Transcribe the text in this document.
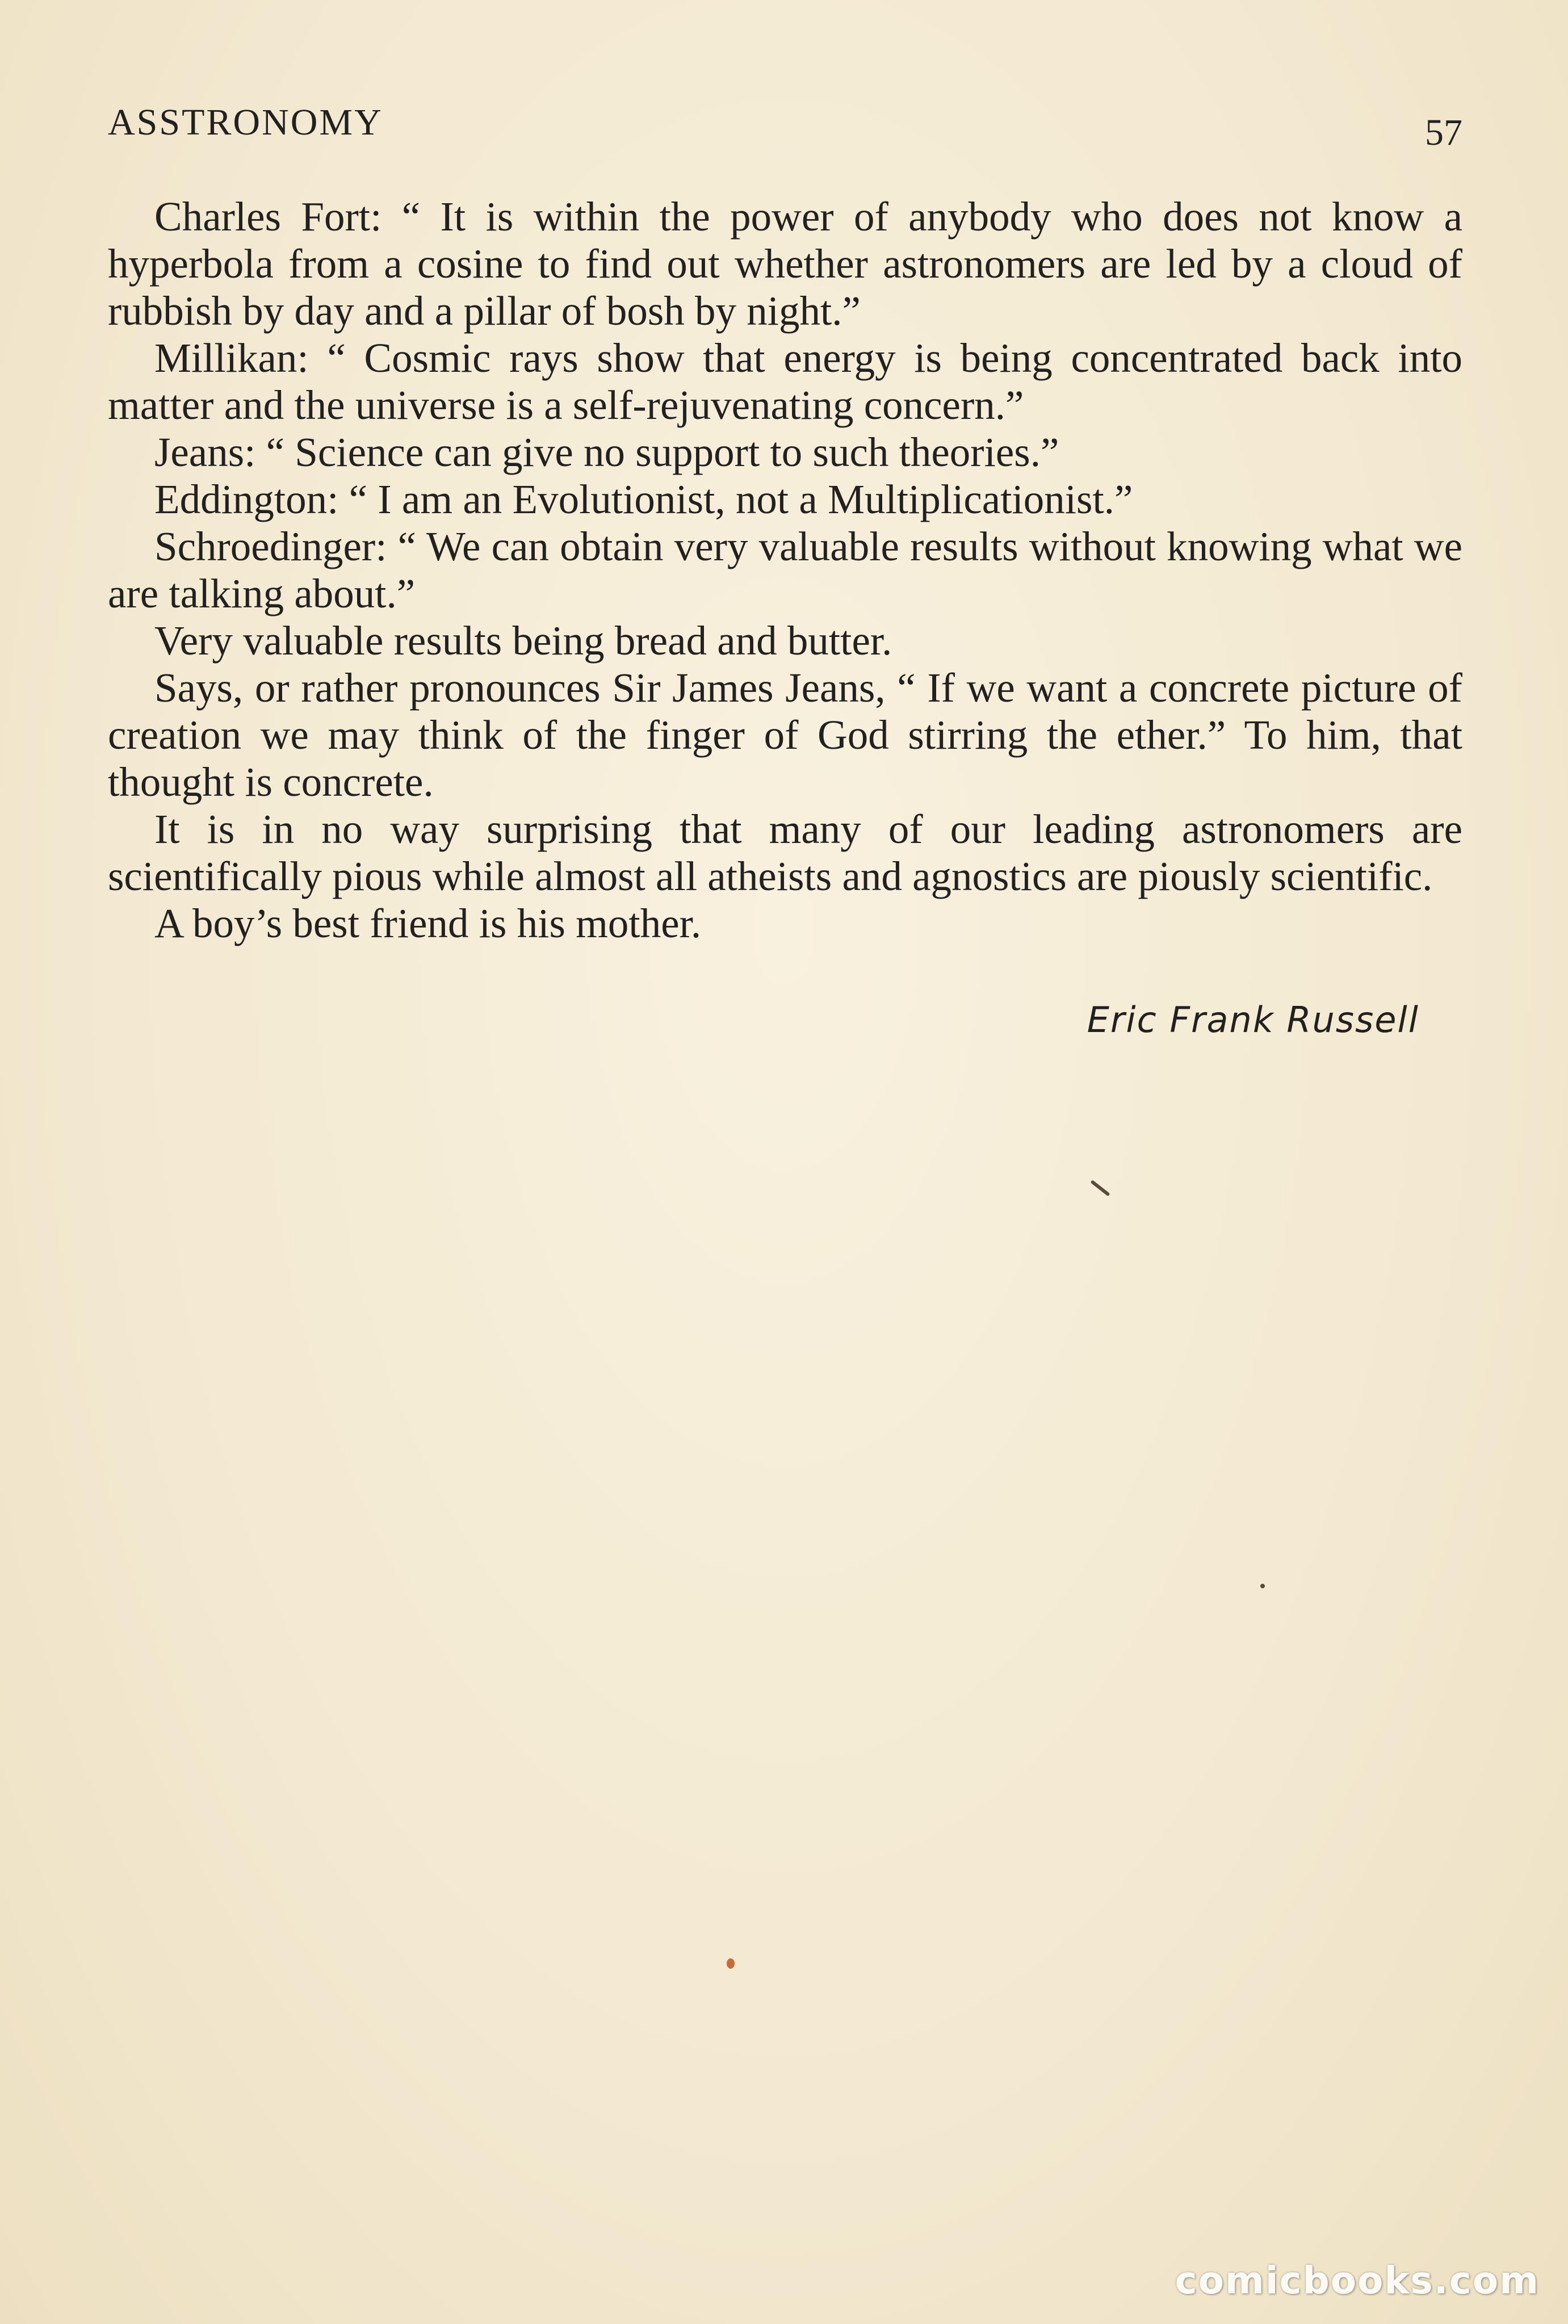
ASSTRONOMY	57

Charles Fort: “ It is within the power of anybody who does not know a hyperbola from a cosine to find out whether astronomers are led by a cloud of rubbish by day and a pillar of bosh by night.”

Millikan: “ Cosmic rays show that energy is being concentrated back into matter and the universe is a self-rejuvenating concern.”

Jeans: “ Science can give no support to such theories.”

Eddington: “ I am an Evolutionist, not a Multiplicationist.”

Schroedinger: “ We can obtain very valuable results without knowing what we are talking about.”

Very valuable results being bread and butter.

Says, or rather pronounces Sir James Jeans, “ If we want a concrete picture of creation we may think of the finger of God stirring the ether.” To him, that thought is concrete.

It is in no way surprising that many of our leading astronomers are scientifically pious while almost all atheists and agnostics are piously scientific.

A boy’s best friend is his mother.

Eric Frank Russell
comicbooks.com
